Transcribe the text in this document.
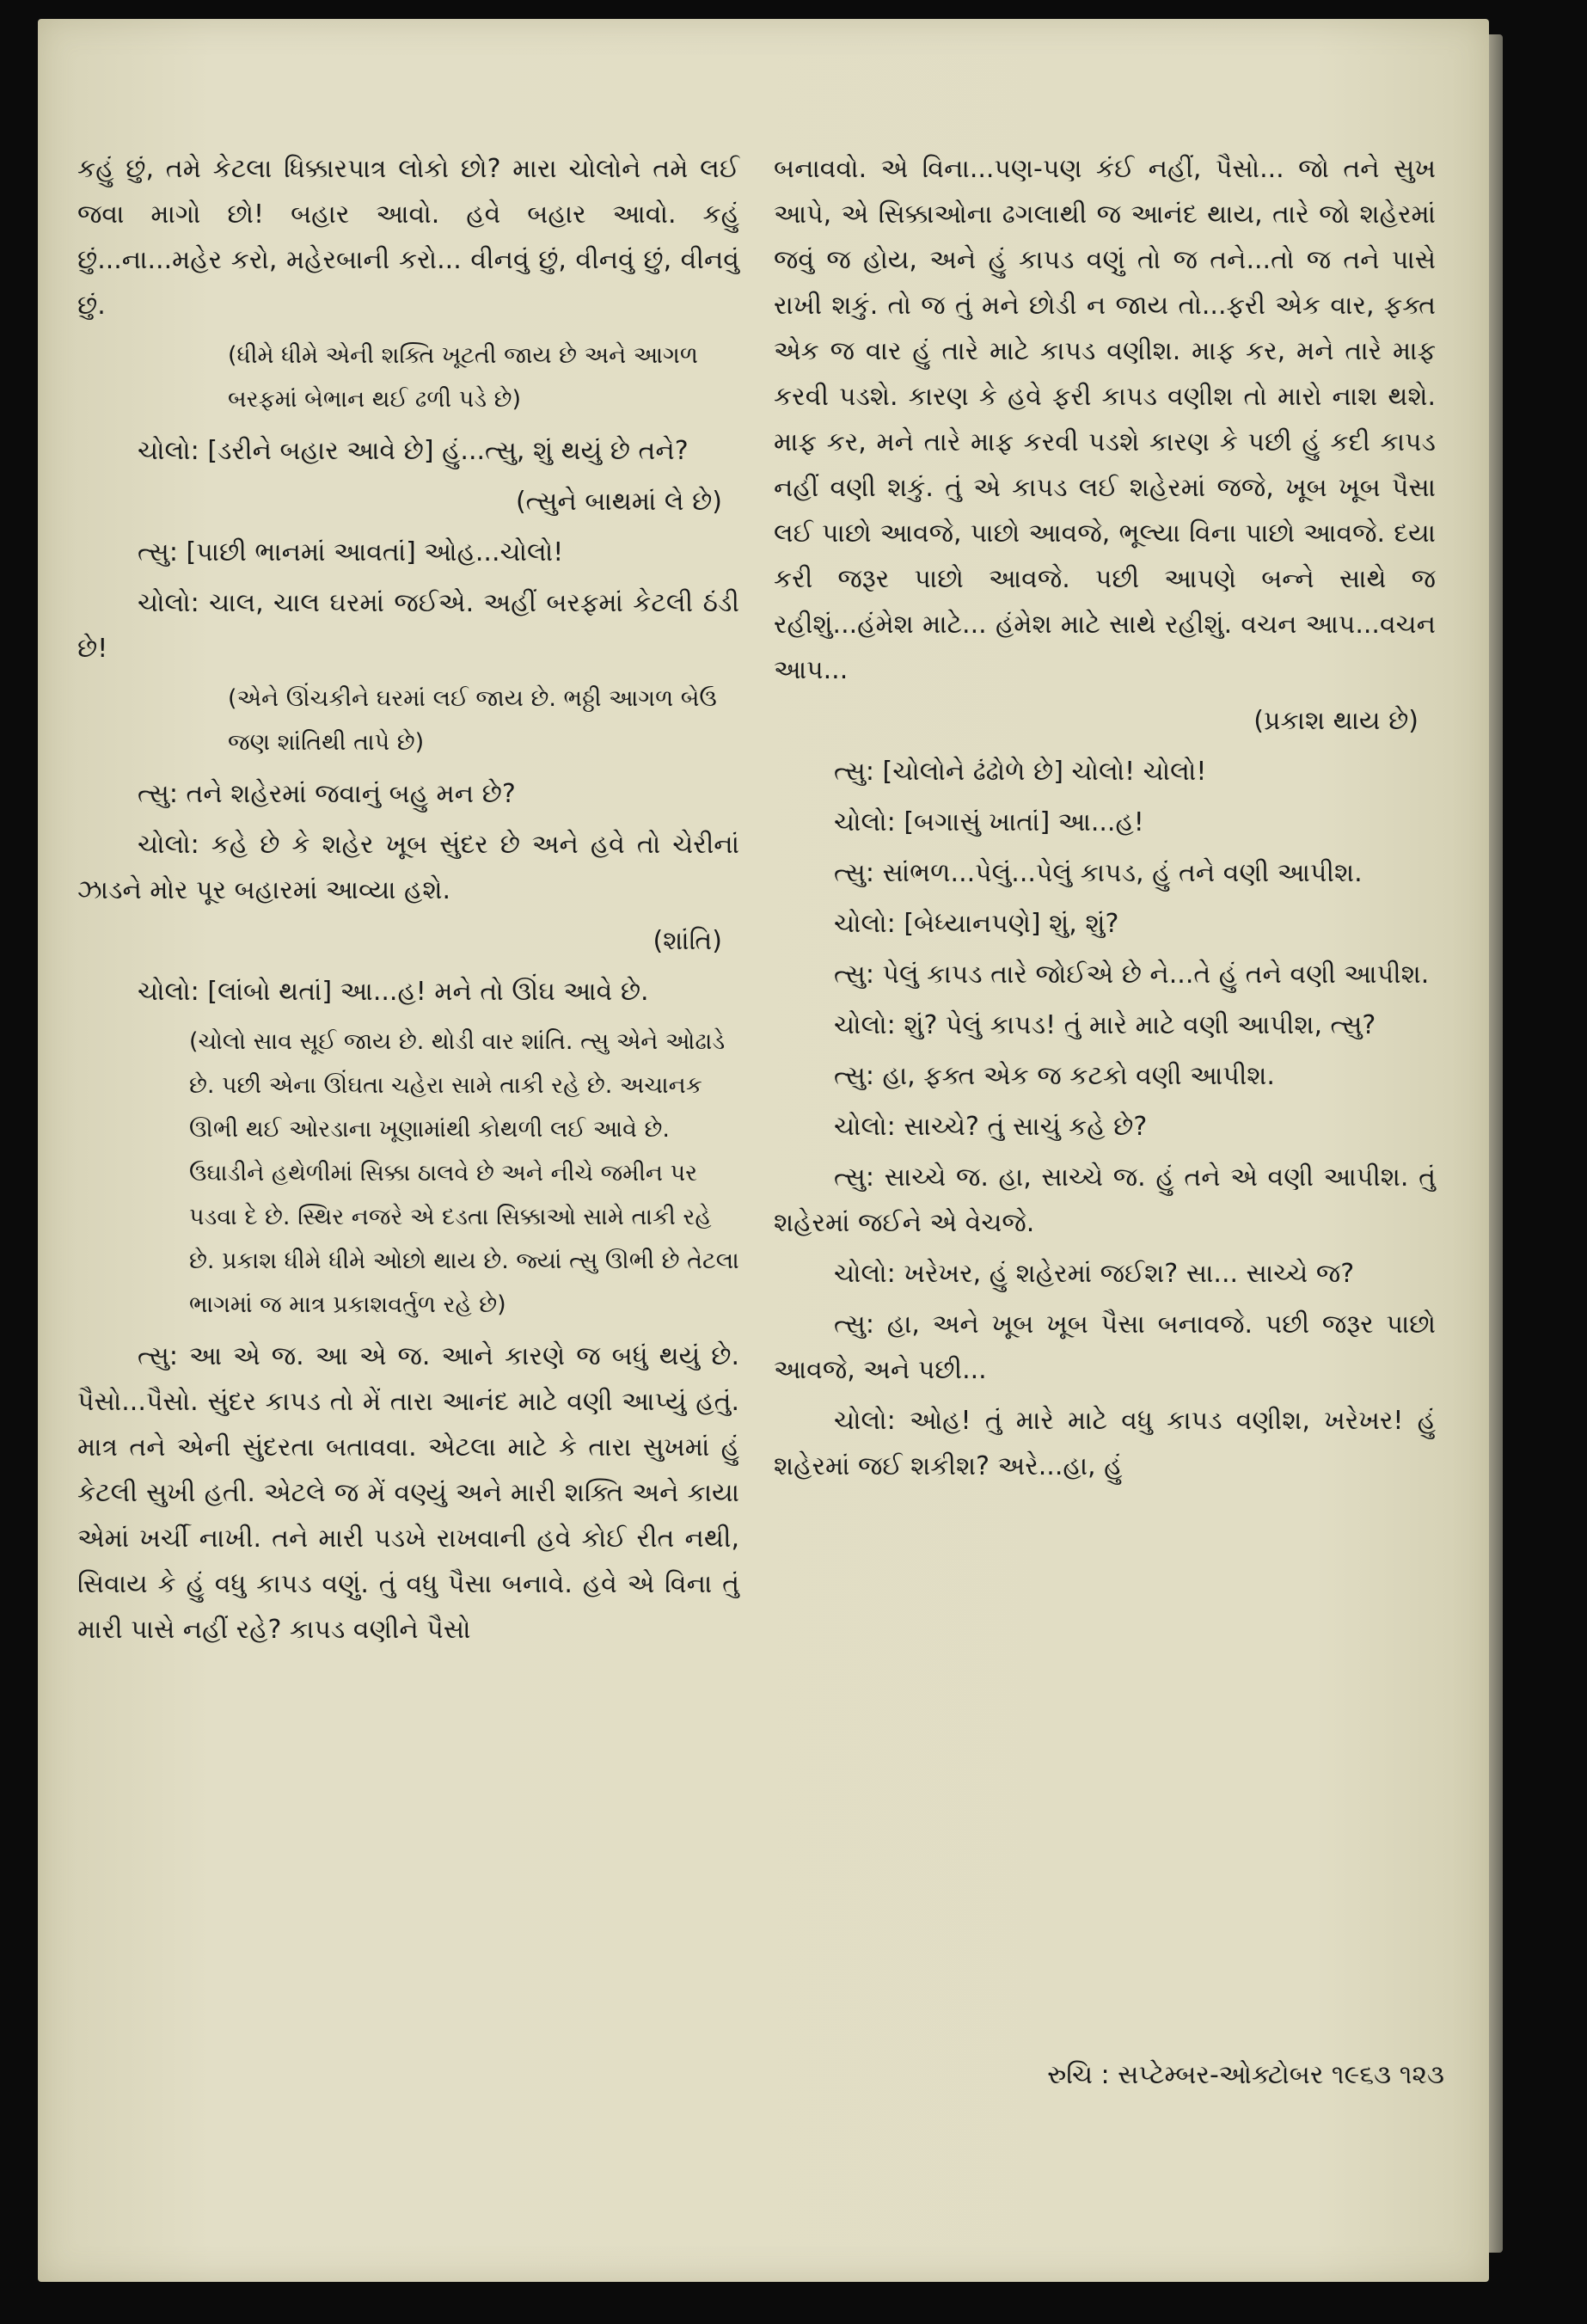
કહું છું, તમે કેટલા ધિક્કારપાત્ર લોકો છો? મારા ચોલોને તમે લઈ જવા માગો છો! બહાર આવો. હવે બહાર આવો. કહું છું...ના...મહેર કરો, મહેરબાની કરો... વીનવું છું, વીનવું છું, વીનવું છું.

(ધીમે ધીમે એની શક્તિ ખૂટતી જાય છે અને આગળ બરફમાં બેભાન થઈ ઢળી પડે છે)

ચોલો: [ડરીને બહાર આવે છે] હું...ત્સુ, શું થયું છે તને?

(ત્સુને બાથમાં લે છે)

ત્સુ: [પાછી ભાનમાં આવતાં] ઓહ...ચોલો!

ચોલો: ચાલ, ચાલ ઘરમાં જઈએ. અહીં બરફમાં કેટલી ઠંડી છે!

(એને ઊંચકીને ઘરમાં લઈ જાય છે. ભઠ્ઠી આગળ બેઉ જણ શાંતિથી તાપે છે)

ત્સુ: તને શહેરમાં જવાનું બહુ મન છે?

ચોલો: કહે છે કે શહેર ખૂબ સુંદર છે અને હવે તો ચેરીનાં ઝાડને મોર પૂર બહારમાં આવ્યા હશે.

(શાંતિ)

ચોલો: [લાંબો થતાં] આ...હ! મને તો ઊંઘ આવે છે.

(ચોલો સાવ સૂઈ જાય છે. થોડી વાર શાંતિ. ત્સુ એને ઓઢાડે છે. પછી એના ઊંઘતા ચહેરા સામે તાકી રહે છે. અચાનક ઊભી થઈ ઓરડાના ખૂણામાંથી કોથળી લઈ આવે છે. ઉઘાડીને હથેળીમાં સિક્કા ઠાલવે છે અને નીચે જમીન પર પડવા દે છે. સ્થિર નજરે એ દડતા સિક્કાઓ સામે તાકી રહે છે. પ્રકાશ ધીમે ધીમે ઓછો થાય છે. જ્યાં ત્સુ ઊભી છે તેટલા ભાગમાં જ માત્ર પ્રકાશવર્તુળ રહે છે)

ત્સુ: આ એ જ. આ એ જ. આને કારણે જ બધું થયું છે. પૈસો...પૈસો. સુંદર કાપડ તો મેં તારા આનંદ માટે વણી આપ્યું હતું. માત્ર તને એની સુંદરતા બતાવવા. એટલા માટે કે તારા સુખમાં હું કેટલી સુખી હતી. એટલે જ મેં વણ્યું અને મારી શક્તિ અને કાયા એમાં ખર્ચી નાખી. તને મારી પડખે રાખવાની હવે કોઈ રીત નથી, સિવાય કે હું વધુ કાપડ વણું. તું વધુ પૈસા બનાવે. હવે એ વિના તું મારી પાસે નહીં રહે? કાપડ વણીને પૈસો

બનાવવો. એ વિના...પણ-પણ કંઈ નહીં, પૈસો... જો તને સુખ આપે, એ સિક્કાઓના ઢગલાથી જ આનંદ થાય, તારે જો શહેરમાં જવું જ હોય, અને હું કાપડ વણું તો જ તને...તો જ તને પાસે રાખી શકું. તો જ તું મને છોડી ન જાય તો...ફરી એક વાર, ફક્ત એક જ વાર હું તારે માટે કાપડ વણીશ. માફ કર, મને તારે માફ કરવી પડશે. કારણ કે હવે ફરી કાપડ વણીશ તો મારો નાશ થશે. માફ કર, મને તારે માફ કરવી પડશે કારણ કે પછી હું કદી કાપડ નહીં વણી શકું. તું એ કાપડ લઈ શહેરમાં જજે, ખૂબ ખૂબ પૈસા લઈ પાછો આવજે, પાછો આવજે, ભૂલ્યા વિના પાછો આવજે. દયા કરી જરૂર પાછો આવજે. પછી આપણે બન્ને સાથે જ રહીશું...હંમેશ માટે... હંમેશ માટે સાથે રહીશું. વચન આપ...વચન આપ...

(પ્રકાશ થાય છે)

ત્સુ: [ચોલોને ઢંઢોળે છે] ચોલો! ચોલો!

ચોલો: [બગાસું ખાતાં] આ...હ!

ત્સુ: સાંભળ...પેલું...પેલું કાપડ, હું તને વણી આપીશ.

ચોલો: [બેધ્યાનપણે] શું, શું?

ત્સુ: પેલું કાપડ તારે જોઈએ છે ને...તે હું તને વણી આપીશ.

ચોલો: શું? પેલું કાપડ! તું મારે માટે વણી આપીશ, ત્સુ?

ત્સુ: હા, ફક્ત એક જ કટકો વણી આપીશ.

ચોલો: સાચ્ચે? તું સાચું કહે છે?

ત્સુ: સાચ્ચે જ. હા, સાચ્ચે જ. હું તને એ વણી આપીશ. તું શહેરમાં જઈને એ વેચજે.

ચોલો: ખરેખર, હું શહેરમાં જઈશ? સા... સાચ્ચે જ?

ત્સુ: હા, અને ખૂબ ખૂબ પૈસા બનાવજે. પછી જરૂર પાછો આવજે, અને પછી...

ચોલો: ઓહ! તું મારે માટે વધુ કાપડ વણીશ, ખરેખર! હું શહેરમાં જઈ શકીશ? અરે...હા, હું

રુચિ : સપ્ટેમ્બર-ઓક્ટોબર ૧૯૬૩ ૧૨૩
